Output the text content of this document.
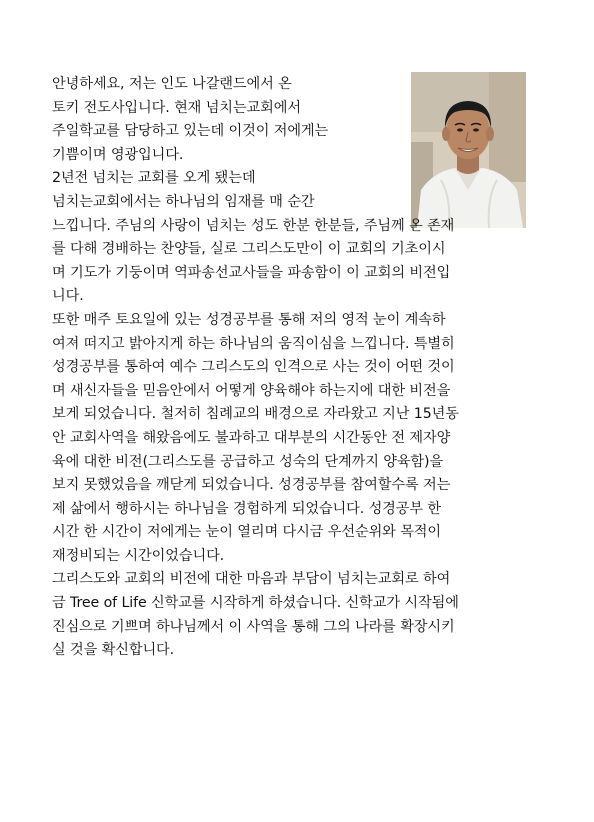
안녕하세요, 저는 인도 나갈랜드에서 온
토키 전도사입니다. 현재 넘치는교회에서
주일학교를 담당하고 있는데 이것이 저에게는
기쁨이며 영광입니다.
2년전 넘치는 교회를 오게 됐는데
넘치는교회에서는 하나님의 임재를 매 순간
느낍니다. 주님의 사랑이 넘치는 성도 한분 한분들, 주님께 온 존재
를 다해 경배하는 찬양들, 실로 그리스도만이 이 교회의 기초이시
며 기도가 기둥이며 역파송선교사들을 파송함이 이 교회의 비전입
니다.
또한 매주 토요일에 있는 성경공부를 통해 저의 영적 눈이 계속하
여져 떠지고 밝아지게 하는 하나님의 움직이심을 느낍니다. 특별히
성경공부를 통하여 예수 그리스도의 인격으로 사는 것이 어떤 것이
며 새신자들을 믿음안에서 어떻게 양육해야 하는지에 대한 비전을
보게 되었습니다. 철저히 침례교의 배경으로 자라왔고 지난 15년동
안 교회사역을 해왔음에도 불과하고 대부분의 시간동안 전 제자양
육에 대한 비전(그리스도를 공급하고 성숙의 단계까지 양육함)을
보지 못했었음을 깨닫게 되었습니다. 성경공부를 참여할수록 저는
제 삶에서 행하시는 하나님을 경험하게 되었습니다. 성경공부 한
시간 한 시간이 저에게는 눈이 열리며 다시금 우선순위와 목적이
재정비되는 시간이었습니다.
그리스도와 교회의 비전에 대한 마음과 부담이 넘치는교회로 하여
금 Tree of Life 신학교를 시작하게 하셨습니다. 신학교가 시작됨에
진심으로 기쁘며 하나님께서 이 사역을 통해 그의 나라를 확장시키
실 것을 확신합니다.
